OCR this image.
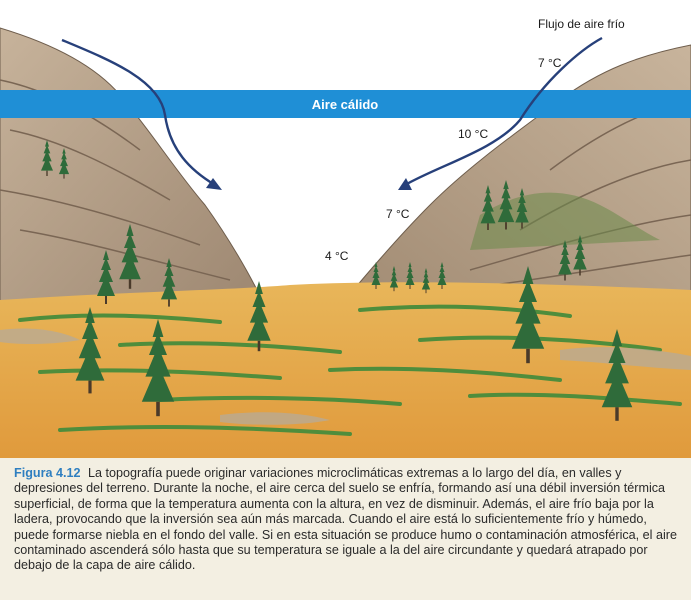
Aire cálido
Flujo de aire frío
7 °C
10 °C
7 °C
4 °C
Figura 4.12 La topografía puede originar variaciones microclimáticas extremas a lo largo del día, en valles y depresiones del terreno. Durante la noche, el aire cerca del suelo se enfría, formando así una débil inversión térmica superficial, de forma que la temperatura aumenta con la altura, en vez de disminuir. Además, el aire frío baja por la ladera, provocando que la inversión sea aún más marcada. Cuando el aire está lo suficientemente frío y húmedo, puede formarse niebla en el fondo del valle. Si en esta situación se produce humo o contaminación atmosférica, el aire contaminado ascenderá sólo hasta que su temperatura se iguale a la del aire circundante y quedará atrapado por debajo de la capa de aire cálido.
